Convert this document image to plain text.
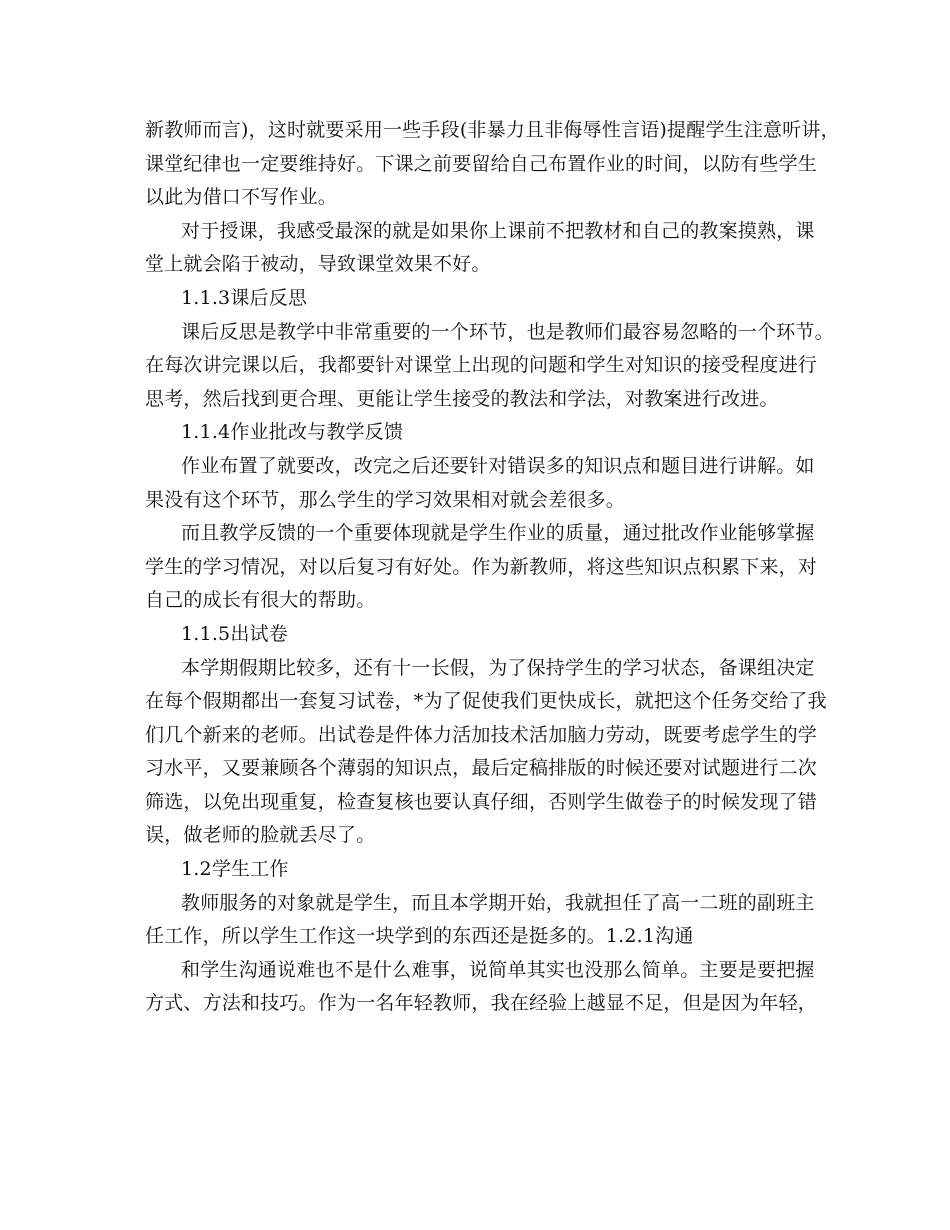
新教师而言)，这时就要采用一些手段(非暴力且非侮辱性言语)提醒学生注意听讲，
课堂纪律也一定要维持好。下课之前要留给自己布置作业的时间，以防有些学生
以此为借口不写作业。
对于授课，我感受最深的就是如果你上课前不把教材和自己的教案摸熟，课
堂上就会陷于被动，导致课堂效果不好。
1.1.3课后反思
课后反思是教学中非常重要的一个环节，也是教师们最容易忽略的一个环节。
在每次讲完课以后，我都要针对课堂上出现的问题和学生对知识的接受程度进行
思考，然后找到更合理、更能让学生接受的教法和学法，对教案进行改进。
1.1.4作业批改与教学反馈
作业布置了就要改，改完之后还要针对错误多的知识点和题目进行讲解。如
果没有这个环节，那么学生的学习效果相对就会差很多。
而且教学反馈的一个重要体现就是学生作业的质量，通过批改作业能够掌握
学生的学习情况，对以后复习有好处。作为新教师，将这些知识点积累下来，对
自己的成长有很大的帮助。
1.1.5出试卷
本学期假期比较多，还有十一长假，为了保持学生的学习状态，备课组决定
在每个假期都出一套复习试卷，*为了促使我们更快成长，就把这个任务交给了我
们几个新来的老师。出试卷是件体力活加技术活加脑力劳动，既要考虑学生的学
习水平，又要兼顾各个薄弱的知识点，最后定稿排版的时候还要对试题进行二次
筛选，以免出现重复，检查复核也要认真仔细，否则学生做卷子的时候发现了错
误，做老师的脸就丢尽了。
1.2学生工作
教师服务的对象就是学生，而且本学期开始，我就担任了高一二班的副班主
任工作，所以学生工作这一块学到的东西还是挺多的。1.2.1沟通
和学生沟通说难也不是什么难事，说简单其实也没那么简单。主要是要把握
方式、方法和技巧。作为一名年轻教师，我在经验上越显不足，但是因为年轻，
